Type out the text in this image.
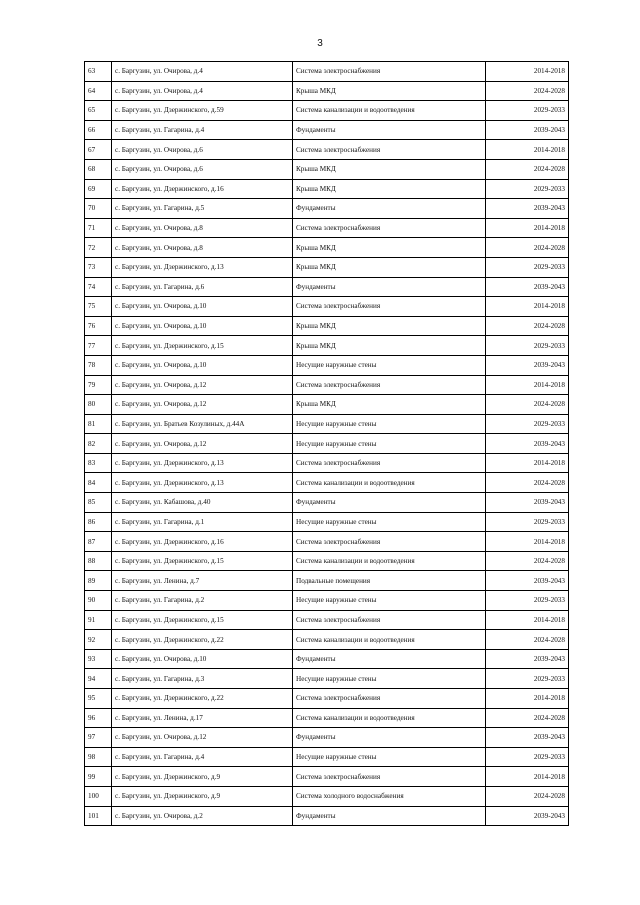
3
63	с. Баргузин, ул. Очирова, д.4	Система электроснабжения	2014-2018
64	с. Баргузин, ул. Очирова, д.4	Крыша МКД	2024-2028
65	с. Баргузин, ул. Дзержинского, д.59	Система канализации и водоотведения	2029-2033
66	с. Баргузин, ул. Гагарина, д.4	Фундаменты	2039-2043
67	с. Баргузин, ул. Очирова, д.6	Система электроснабжения	2014-2018
68	с. Баргузин, ул. Очирова, д.6	Крыша МКД	2024-2028
69	с. Баргузин, ул. Дзержинского, д.16	Крыша МКД	2029-2033
70	с. Баргузин, ул. Гагарина, д.5	Фундаменты	2039-2043
71	с. Баргузин, ул. Очирова, д.8	Система электроснабжения	2014-2018
72	с. Баргузин, ул. Очирова, д.8	Крыша МКД	2024-2028
73	с. Баргузин, ул. Дзержинского, д.13	Крыша МКД	2029-2033
74	с. Баргузин, ул. Гагарина, д.6	Фундаменты	2039-2043
75	с. Баргузин, ул. Очирова, д.10	Система электроснабжения	2014-2018
76	с. Баргузин, ул. Очирова, д.10	Крыша МКД	2024-2028
77	с. Баргузин, ул. Дзержинского, д.15	Крыша МКД	2029-2033
78	с. Баргузин, ул. Очирова, д.10	Несущие наружные стены	2039-2043
79	с. Баргузин, ул. Очирова, д.12	Система электроснабжения	2014-2018
80	с. Баргузин, ул. Очирова, д.12	Крыша МКД	2024-2028
81	с. Баргузин, ул. Братьев Козулиных, д.44А	Несущие наружные стены	2029-2033
82	с. Баргузин, ул. Очирова, д.12	Несущие наружные стены	2039-2043
83	с. Баргузин, ул. Дзержинского, д.13	Система электроснабжения	2014-2018
84	с. Баргузин, ул. Дзержинского, д.13	Система канализации и водоотведения	2024-2028
85	с. Баргузин, ул. Кабашова, д.40	Фундаменты	2039-2043
86	с. Баргузин, ул. Гагарина, д.1	Несущие наружные стены	2029-2033
87	с. Баргузин, ул. Дзержинского, д.16	Система электроснабжения	2014-2018
88	с. Баргузин, ул. Дзержинского, д.15	Система канализации и водоотведения	2024-2028
89	с. Баргузин, ул. Ленина, д.7	Подвальные помещения	2039-2043
90	с. Баргузин, ул. Гагарина, д.2	Несущие наружные стены	2029-2033
91	с. Баргузин, ул. Дзержинского, д.15	Система электроснабжения	2014-2018
92	с. Баргузин, ул. Дзержинского, д.22	Система канализации и водоотведения	2024-2028
93	с. Баргузин, ул. Очирова, д.10	Фундаменты	2039-2043
94	с. Баргузин, ул. Гагарина, д.3	Несущие наружные стены	2029-2033
95	с. Баргузин, ул. Дзержинского, д.22	Система электроснабжения	2014-2018
96	с. Баргузин, ул. Ленина, д.17	Система канализации и водоотведения	2024-2028
97	с. Баргузин, ул. Очирова, д.12	Фундаменты	2039-2043
98	с. Баргузин, ул. Гагарина, д.4	Несущие наружные стены	2029-2033
99	с. Баргузин, ул. Дзержинского, д.9	Система электроснабжения	2014-2018
100	с. Баргузин, ул. Дзержинского, д.9	Система холодного водоснабжения	2024-2028
101	с. Баргузин, ул. Очирова, д.2	Фундаменты	2039-2043
